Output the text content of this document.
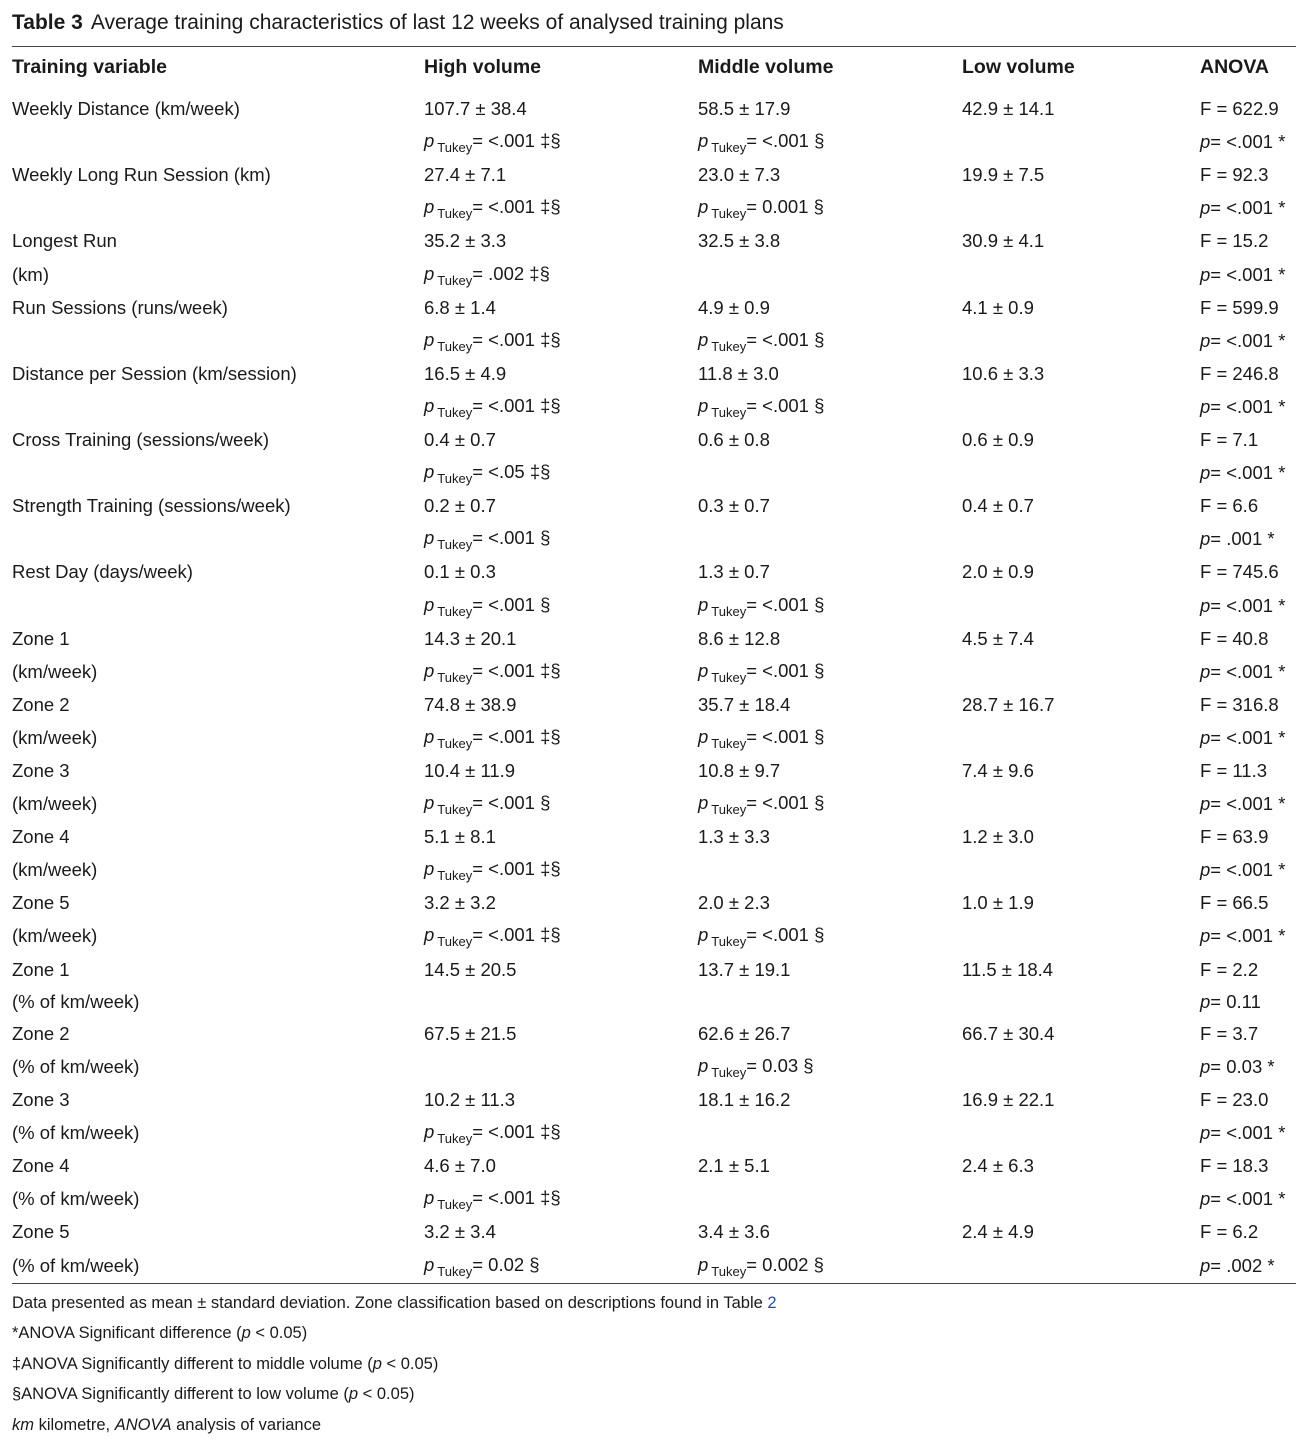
Table 3 Average training characteristics of last 12 weeks of analysed training plans
Training variable	High volume	Middle volume	Low volume	ANOVA
Weekly Distance (km/week)	107.7 ± 38.4	58.5 ± 17.9	42.9 ± 14.1	F = 622.9
	p $_{Tukey}$= <.001 ‡§	p $_{Tukey}$= <.001 §		p= <.001 *
Weekly Long Run Session (km)	27.4 ± 7.1	23.0 ± 7.3	19.9 ± 7.5	F = 92.3
	p $_{Tukey}$= <.001 ‡§	p $_{Tukey}$= 0.001 §		p= <.001 *
Longest Run	35.2 ± 3.3	32.5 ± 3.8	30.9 ± 4.1	F = 15.2
(km)	p $_{Tukey}$= .002 ‡§			p= <.001 *
Run Sessions (runs/week)	6.8 ± 1.4	4.9 ± 0.9	4.1 ± 0.9	F = 599.9
	p $_{Tukey}$= <.001 ‡§	p $_{Tukey}$= <.001 §		p= <.001 *
Distance per Session (km/session)	16.5 ± 4.9	11.8 ± 3.0	10.6 ± 3.3	F = 246.8
	p $_{Tukey}$= <.001 ‡§	p $_{Tukey}$= <.001 §		p= <.001 *
Cross Training (sessions/week)	0.4 ± 0.7	0.6 ± 0.8	0.6 ± 0.9	F = 7.1
	p $_{Tukey}$= <.05 ‡§			p= <.001 *
Strength Training (sessions/week)	0.2 ± 0.7	0.3 ± 0.7	0.4 ± 0.7	F = 6.6
	p $_{Tukey}$= <.001 §			p= .001 *
Rest Day (days/week)	0.1 ± 0.3	1.3 ± 0.7	2.0 ± 0.9	F = 745.6
	p $_{Tukey}$= <.001 §	p $_{Tukey}$= <.001 §		p= <.001 *
Zone 1	14.3 ± 20.1	8.6 ± 12.8	4.5 ± 7.4	F = 40.8
(km/week)	p $_{Tukey}$= <.001 ‡§	p $_{Tukey}$= <.001 §		p= <.001 *
Zone 2	74.8 ± 38.9	35.7 ± 18.4	28.7 ± 16.7	F = 316.8
(km/week)	p $_{Tukey}$= <.001 ‡§	p $_{Tukey}$= <.001 §		p= <.001 *
Zone 3	10.4 ± 11.9	10.8 ± 9.7	7.4 ± 9.6	F = 11.3
(km/week)	p $_{Tukey}$= <.001 §	p $_{Tukey}$= <.001 §		p= <.001 *
Zone 4	5.1 ± 8.1	1.3 ± 3.3	1.2 ± 3.0	F = 63.9
(km/week)	p $_{Tukey}$= <.001 ‡§			p= <.001 *
Zone 5	3.2 ± 3.2	2.0 ± 2.3	1.0 ± 1.9	F = 66.5
(km/week)	p $_{Tukey}$= <.001 ‡§	p $_{Tukey}$= <.001 §		p= <.001 *
Zone 1	14.5 ± 20.5	13.7 ± 19.1	11.5 ± 18.4	F = 2.2
(% of km/week)				p= 0.11
Zone 2	67.5 ± 21.5	62.6 ± 26.7	66.7 ± 30.4	F = 3.7
(% of km/week)		p $_{Tukey}$= 0.03 §		p= 0.03 *
Zone 3	10.2 ± 11.3	18.1 ± 16.2	16.9 ± 22.1	F = 23.0
(% of km/week)	p $_{Tukey}$= <.001 ‡§			p= <.001 *
Zone 4	4.6 ± 7.0	2.1 ± 5.1	2.4 ± 6.3	F = 18.3
(% of km/week)	p $_{Tukey}$= <.001 ‡§			p= <.001 *
Zone 5	3.2 ± 3.4	3.4 ± 3.6	2.4 ± 4.9	F = 6.2
(% of km/week)	p $_{Tukey}$= 0.02 §	p $_{Tukey}$= 0.002 §		p= .002 *
Data presented as mean ± standard deviation. Zone classification based on descriptions found in Table 2
*ANOVA Significant difference (p < 0.05)
‡ANOVA Significantly different to middle volume (p < 0.05)
§ANOVA Significantly different to low volume (p < 0.05)
km kilometre, ANOVA analysis of variance
